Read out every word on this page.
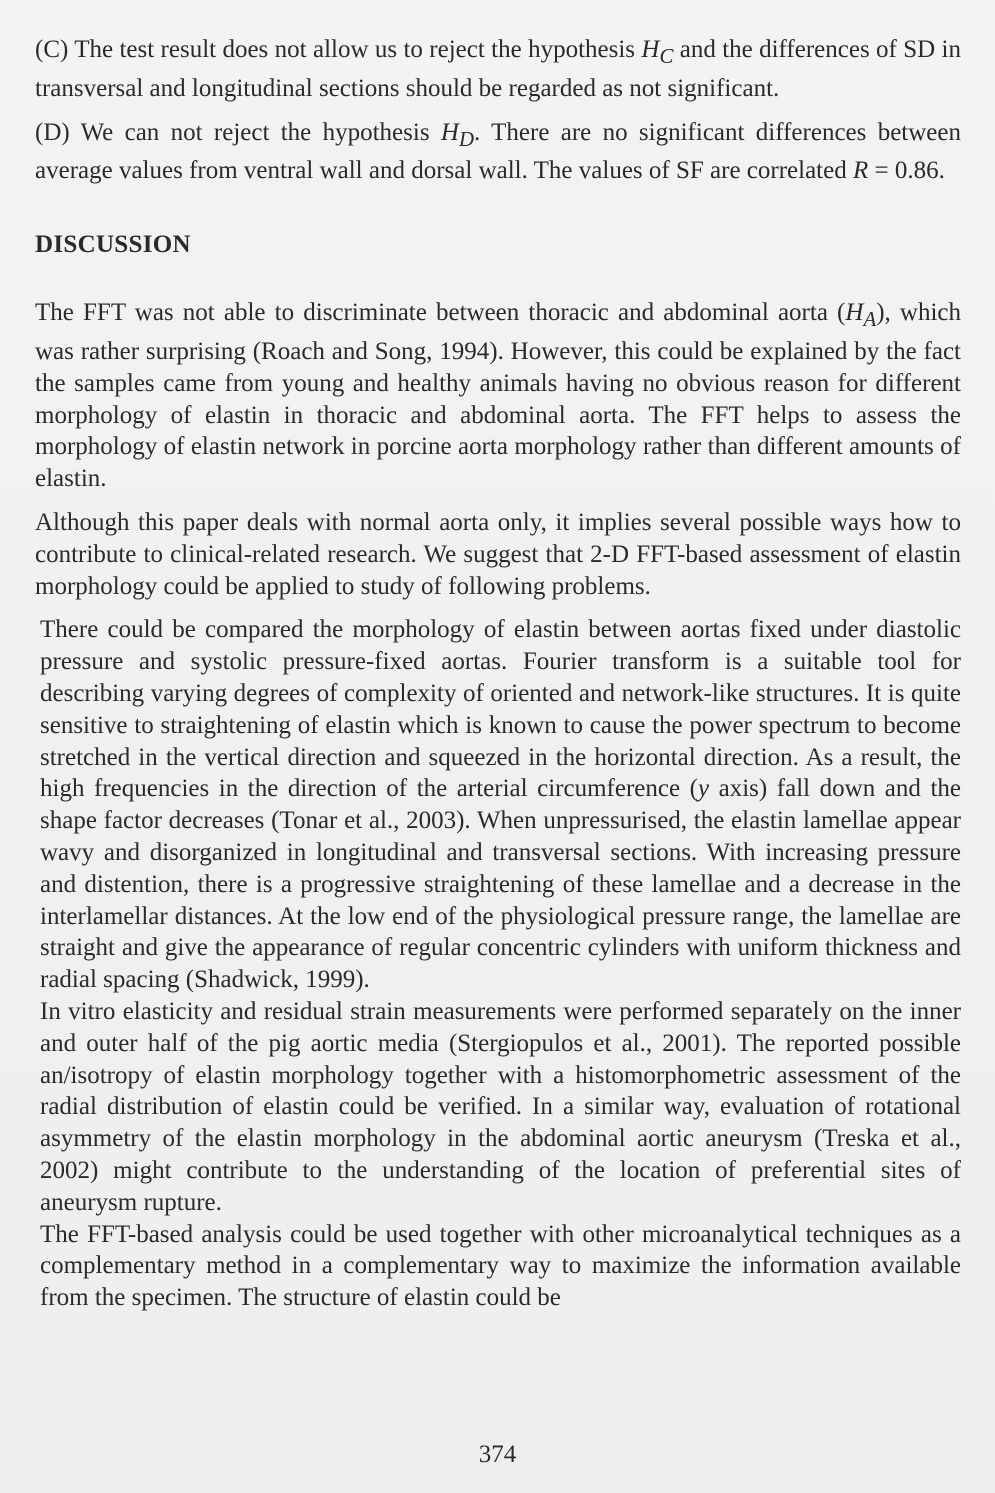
(C) The test result does not allow us to reject the hypothesis $H_C$ and the differences of SD in transversal and longitudinal sections should be regarded as not significant.

(D) We can not reject the hypothesis $H_D$. There are no significant differences between average values from ventral wall and dorsal wall. The values of SF are correlated R = 0.86.

DISCUSSION

The FFT was not able to discriminate between thoracic and abdominal aorta $(H_A)$, which was rather surprising (Roach and Song, 1994). However, this could be explained by the fact the samples came from young and healthy animals having no obvious reason for different morphology of elastin in thoracic and abdominal aorta. The FFT helps to assess the morphology of elastin network in porcine aorta morphology rather than different amounts of elastin.

Although this paper deals with normal aorta only, it implies several possible ways how to contribute to clinical-related research. We suggest that 2-D FFT-based assessment of elastin morphology could be applied to study of following problems.

There could be compared the morphology of elastin between aortas fixed under diastolic pressure and systolic pressure-fixed aortas. Fourier transform is a suitable tool for describing varying degrees of complexity of oriented and network-like structures. It is quite sensitive to straightening of elastin which is known to cause the power spectrum to become stretched in the vertical direction and squeezed in the horizontal direction. As a result, the high frequencies in the direction of the arterial circumference (y axis) fall down and the shape factor decreases (Tonar et al., 2003). When unpressurised, the elastin lamellae appear wavy and disorganized in longitudinal and transversal sections. With increasing pressure and distention, there is a progressive straightening of these lamellae and a decrease in the interlamellar distances. At the low end of the physiological pressure range, the lamellae are straight and give the appearance of regular concentric cylinders with uniform thickness and radial spacing (Shadwick, 1999).

In vitro elasticity and residual strain measurements were performed separately on the inner and outer half of the pig aortic media (Stergiopulos et al., 2001). The reported possible an/isotropy of elastin morphology together with a histomorphometric assessment of the radial distribution of elastin could be verified. In a similar way, evaluation of rotational asymmetry of the elastin morphology in the abdominal aortic aneurysm (Treska et al., 2002) might contribute to the understanding of the location of preferential sites of aneurysm rupture.

The FFT-based analysis could be used together with other microanalytical techniques as a complementary method in a complementary way to maximize the information available from the specimen. The structure of elastin could be

374
